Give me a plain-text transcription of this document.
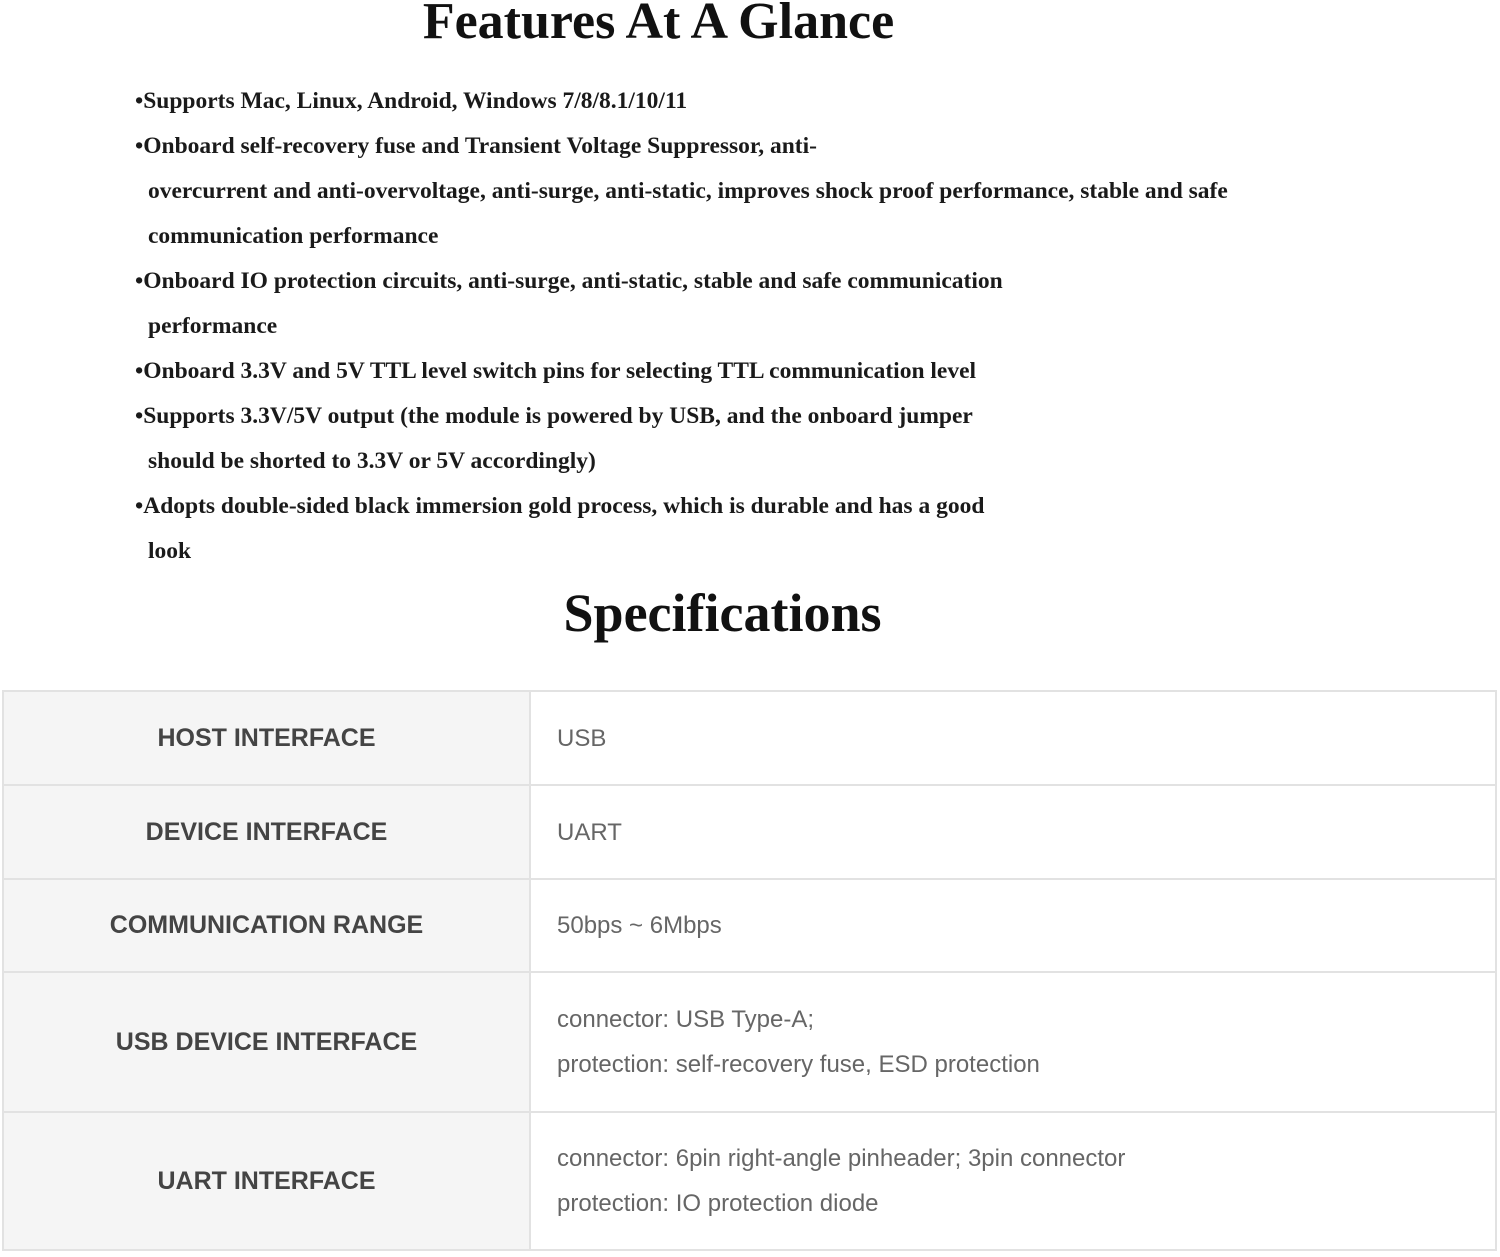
Features At A Glance
•Supports Mac, Linux, Android, Windows 7/8/8.1/10/11
•Onboard self-recovery fuse and Transient Voltage Suppressor, anti-
overcurrent and anti-overvoltage, anti-surge, anti-static, improves shock proof performance, stable and safe
communication performance
•Onboard IO protection circuits, anti-surge, anti-static, stable and safe communication
performance
•Onboard 3.3V and 5V TTL level switch pins for selecting TTL communication level
•Supports 3.3V/5V output (the module is powered by USB, and the onboard jumper
should be shorted to 3.3V or 5V accordingly)
•Adopts double-sided black immersion gold process, which is durable and has a good
look
Specifications
HOST INTERFACE	USB

DEVICE INTERFACE	UART

COMMUNICATION RANGE	50bps ~ 6Mbps

USB DEVICE INTERFACE	connector: USB Type-A;
protection: self-recovery fuse, ESD protection

UART INTERFACE	connector: 6pin right-angle pinheader; 3pin connector
protection: IO protection diode
